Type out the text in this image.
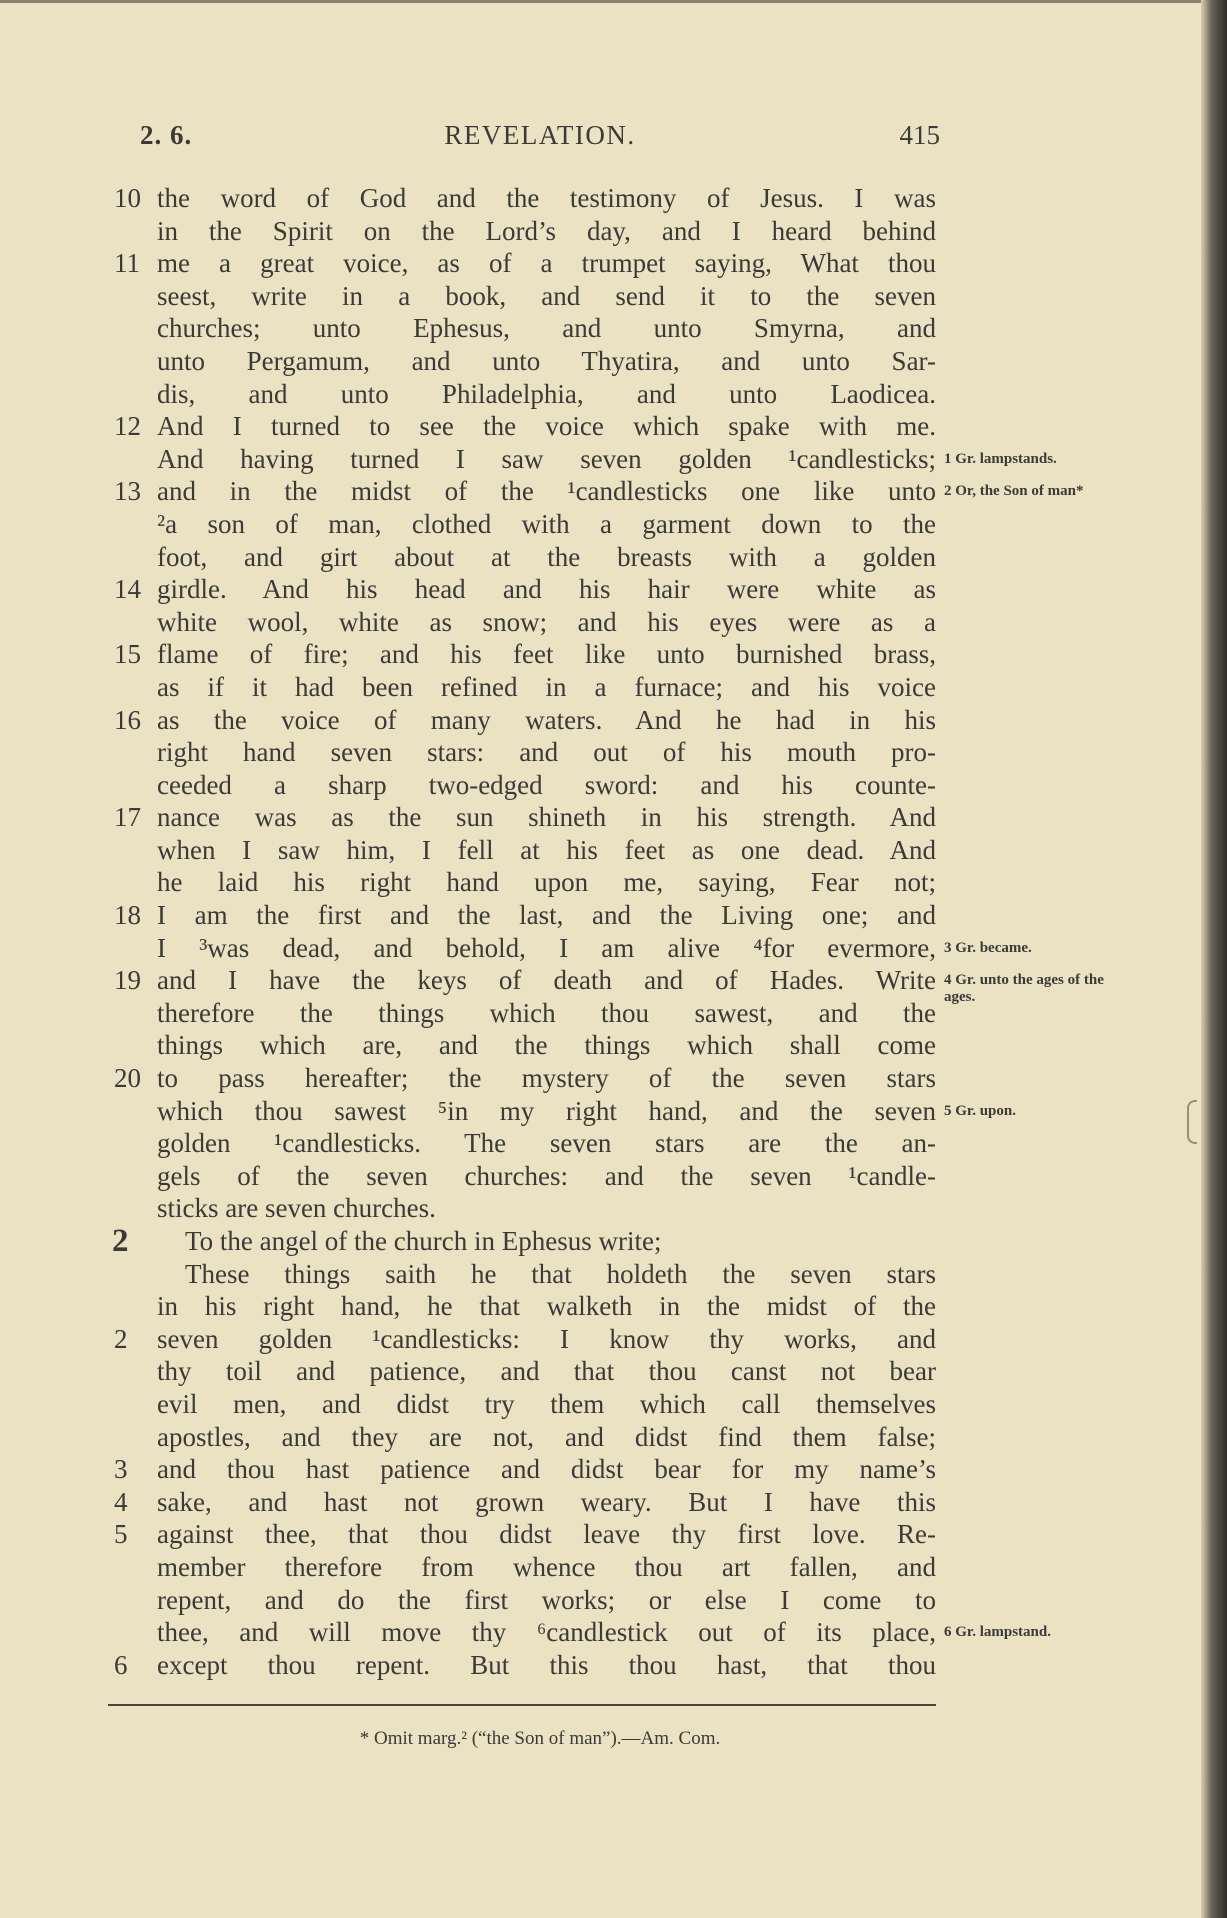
2. 6.	REVELATION.	415
10 the word of God and the testimony of Jesus. I was
in the Spirit on the Lord’s day, and I heard behind
11 me a great voice, as of a trumpet saying, What thou
seest, write in a book, and send it to the seven
churches; unto Ephesus, and unto Smyrna, and
unto Pergamum, and unto Thyatira, and unto Sar-
dis, and unto Philadelphia, and unto Laodicea.
12 And I turned to see the voice which spake with me.
And having turned I saw seven golden ¹candlesticks; 1 Gr. lampstands.
13 and in the midst of the ¹candlesticks one like unto 2 Or, the Son of man*
²a son of man, clothed with a garment down to the
foot, and girt about at the breasts with a golden
14 girdle. And his head and his hair were white as
white wool, white as snow; and his eyes were as a
15 flame of fire; and his feet like unto burnished brass,
as if it had been refined in a furnace; and his voice
16 as the voice of many waters. And he had in his
right hand seven stars: and out of his mouth pro-
ceeded a sharp two-edged sword: and his counte-
17 nance was as the sun shineth in his strength. And
when I saw him, I fell at his feet as one dead. And
he laid his right hand upon me, saying, Fear not;
18 I am the first and the last, and the Living one; and
I ³was dead, and behold, I am alive ⁴for evermore, 3 Gr. became.
19 and I have the keys of death and of Hades. Write 4 Gr. unto the ages of the ages.
therefore the things which thou sawest, and the
things which are, and the things which shall come
20 to pass hereafter; the mystery of the seven stars
which thou sawest ⁵in my right hand, and the seven 5 Gr. upon.
golden ¹candlesticks. The seven stars are the an-
gels of the seven churches: and the seven ¹candle-
sticks are seven churches.
2	To the angel of the church in Ephesus write;
These things saith he that holdeth the seven stars
in his right hand, he that walketh in the midst of the
2	seven golden ¹candlesticks: I know thy works, and
thy toil and patience, and that thou canst not bear
evil men, and didst try them which call themselves
apostles, and they are not, and didst find them false;
3	and thou hast patience and didst bear for my name’s
4	sake, and hast not grown weary. But I have this
5	against thee, that thou didst leave thy first love. Re-
member therefore from whence thou art fallen, and
repent, and do the first works; or else I come to
thee, and will move thy ⁶candlestick out of its place, 6 Gr. lampstand.
6	except thou repent. But this thou hast, that thou
* Omit marg.² (“the Son of man”).—Am. Com.
